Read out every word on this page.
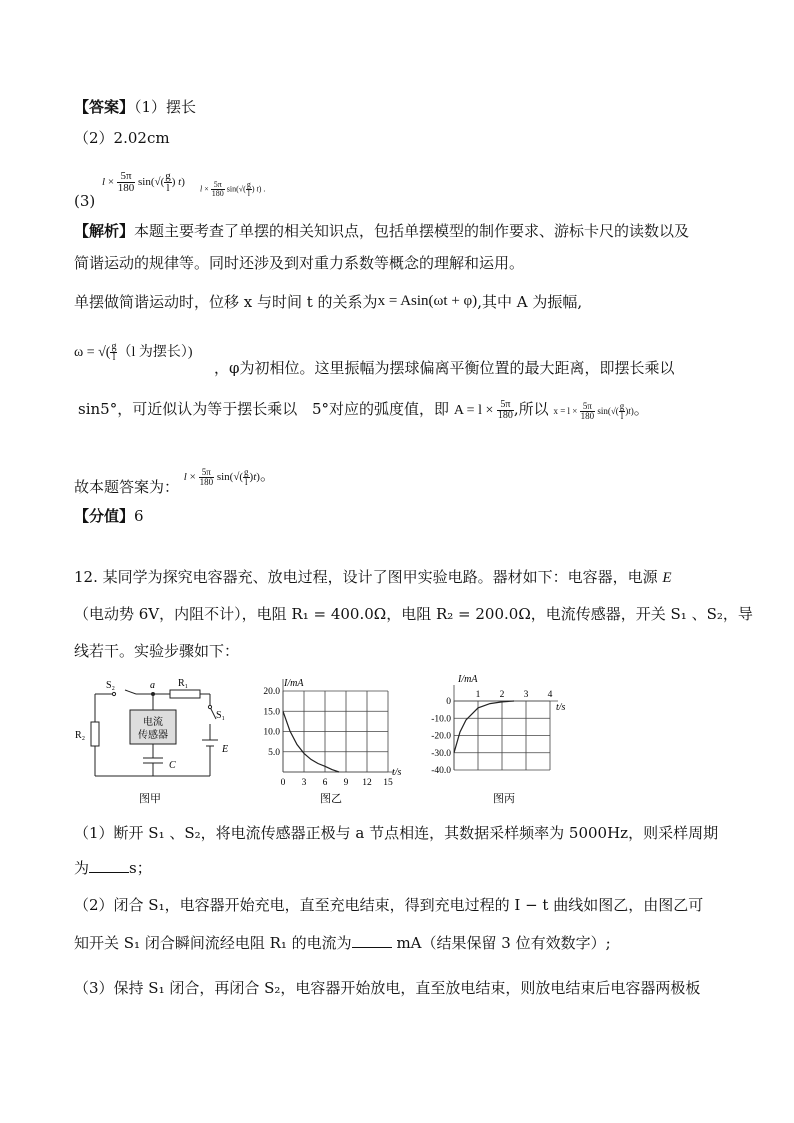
【答案】（1）摆长
（2）2.02cm
(3)
$l \times \frac{5\pi}{180} \sin(√( \frac{g}{l}$ ) t)
$l \times \frac{5\pi}{180} \sin(√( \frac{g}{l}$ ) t) .
【解析】本题主要考查了单摆的相关知识点，包括单摆模型的制作要求、游标卡尺的读数以及
简谐运动的规律等。同时还涉及到对重力系数等概念的理解和运用。
单摆做简谐运动时，位移 x 与时间 t 的关系为x = Asin(ωt + φ),其中 A 为振幅,
ω = √( $\frac{g}{l} (l$ 为摆长）)
，φ为初相位。这里振幅为摆球偏离平衡位置的最大距离，即摆长乘以
sin5°，可近似认为等于摆长乘以 5°对应的弧度值，即 $A = l \times \frac{5\pi}{180}$ ,所以 $x = l \times \frac{5\pi}{180} \sin(√( \frac{g}{l} )t)$。
故本题答案为： $^{l \times \frac{5\pi}{180} sin(√( \frac{g}{l} )t)}$。
【分值】6
12. 某同学为探究电容器充、放电过程，设计了图甲实验电路。器材如下：电容器，电源 E
（电动势 6V，内阻不计），电阻 R₁ = 400.0Ω，电阻 R₂ = 200.0Ω，电流传感器，开关 S₁ 、S₂，导
线若干。实验步骤如下：
S₂	a R₁
S₁
E
R₂
C
电流
传感器
图甲
20.0
15.0
10.0
5.0
0 3 6 9 12 15
I/mA
t/s
图乙
0
-10.0
-20.0
-30.0
-40.0
1 2 3 4
I/mA
t/s
图丙
（1）断开 S₁ 、S₂，将电流传感器正极与 a 节点相连，其数据采样频率为 5000Hz，则采样周期
为	s；
（2）闭合 S₁，电容器开始充电，直至充电结束，得到充电过程的 I − t 曲线如图乙，由图乙可
知开关 S₁ 闭合瞬间流经电阻 R₁ 的电流为	mA（结果保留 3 位有效数字）;
（3）保持 S₁ 闭合，再闭合 S₂，电容器开始放电，直至放电结束，则放电结束后电容器两极板
